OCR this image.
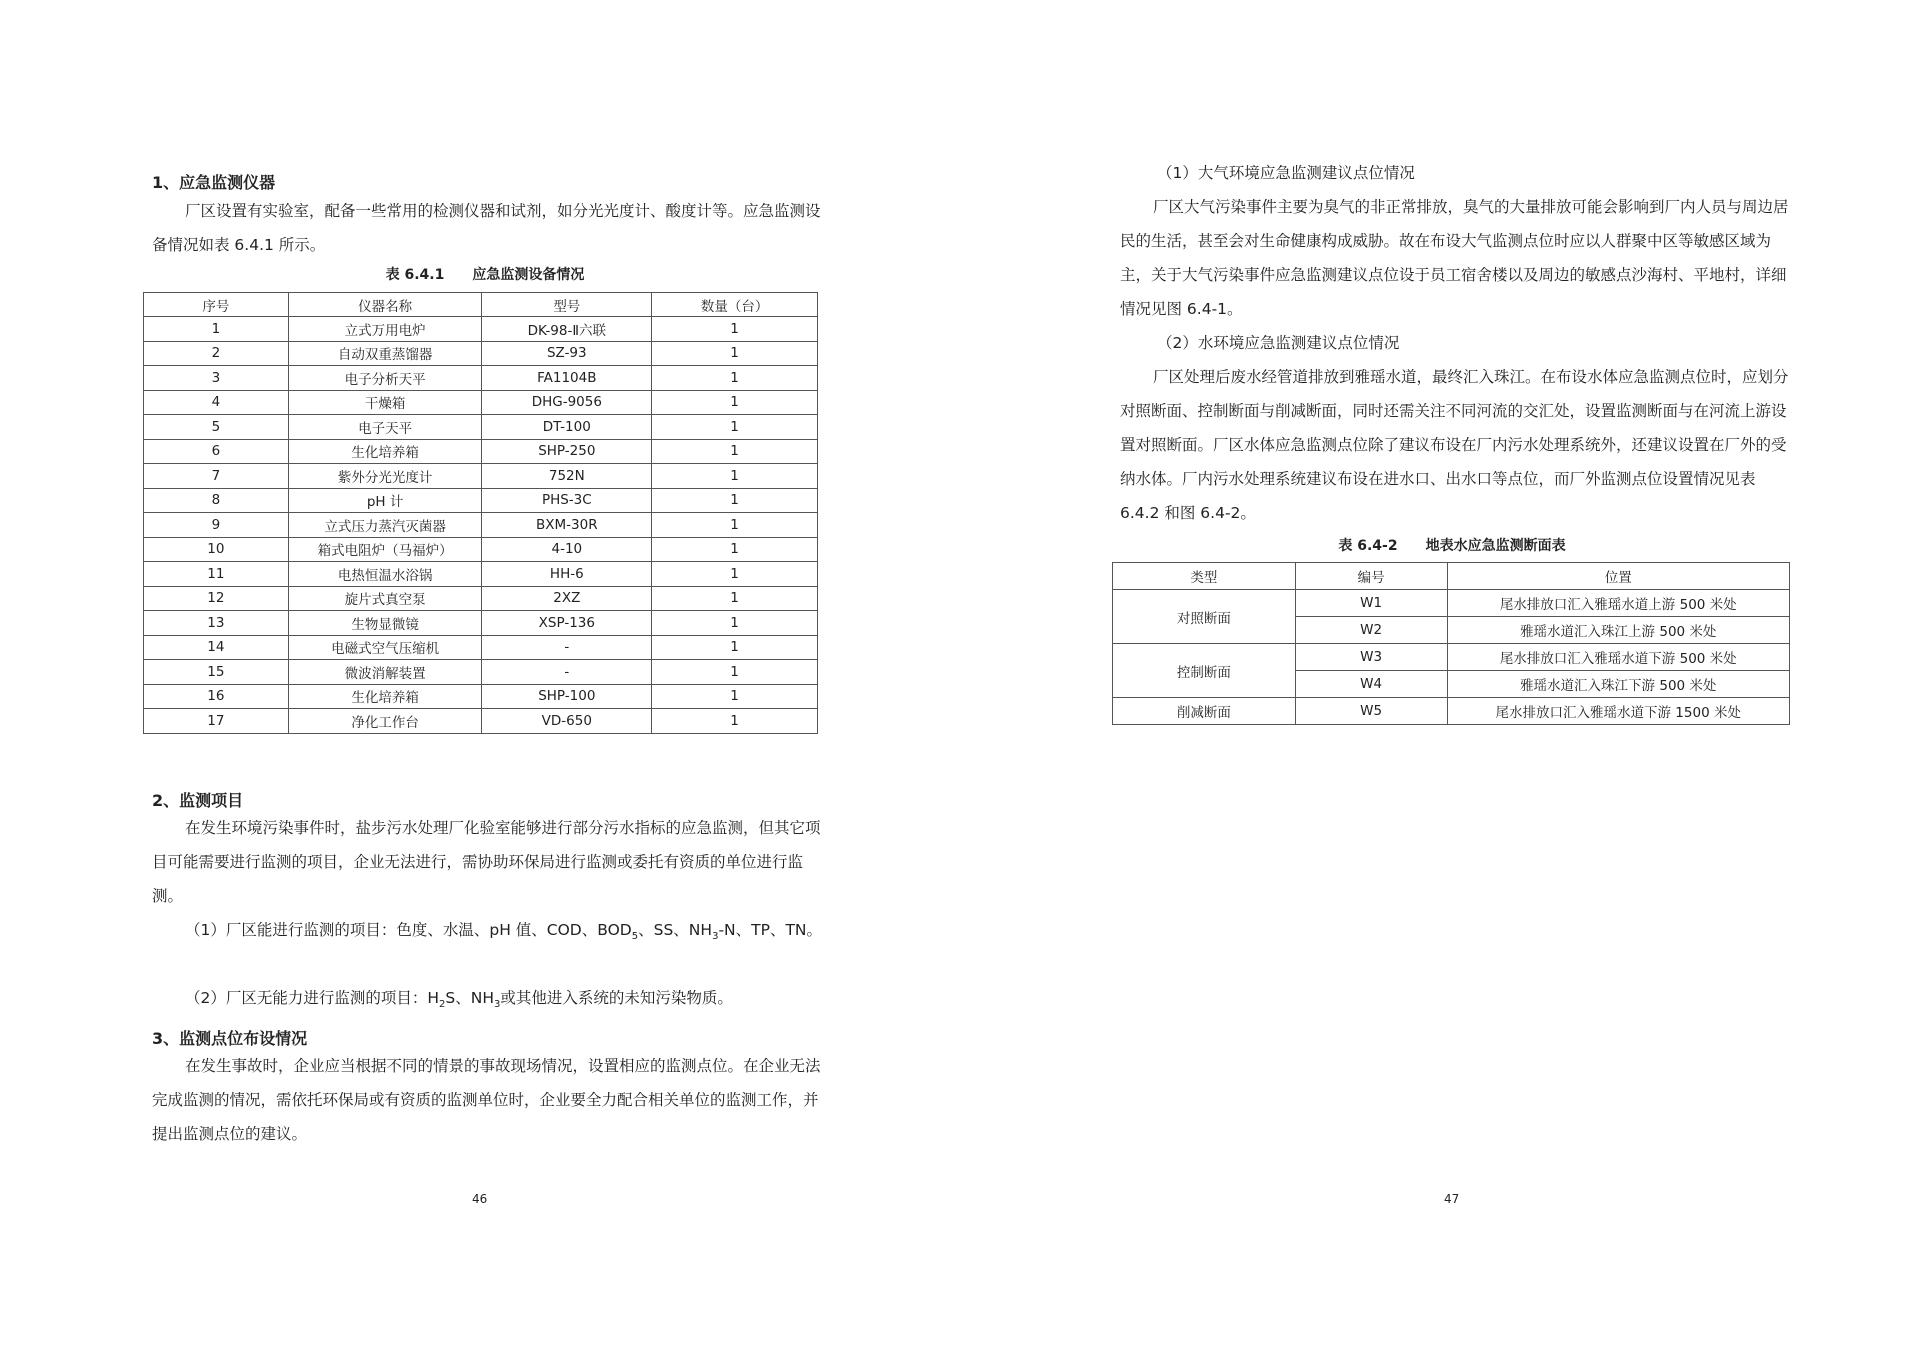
1、应急监测仪器

厂区设置有实验室，配备一些常用的检测仪器和试剂，如分光光度计、酸度计等。应急监测设备情况如表 6.4.1 所示。

表 6.4.1　　应急监测设备情况
序号	仪器名称	型号	数量（台）
1	立式万用电炉	DK-98-Ⅱ六联	1
2	自动双重蒸馏器	SZ-93	1
3	电子分析天平	FA1104B	1
4	干燥箱	DHG-9056	1
5	电子天平	DT-100	1
6	生化培养箱	SHP-250	1
7	紫外分光光度计	752N	1
8	pH 计	PHS-3C	1
9	立式压力蒸汽灭菌器	BXM-30R	1
10	箱式电阻炉（马福炉）	4-10	1
11	电热恒温水浴锅	HH-6	1
12	旋片式真空泵	2XZ	1
13	生物显微镜	XSP-136	1
14	电磁式空气压缩机	-	1
15	微波消解装置	-	1
16	生化培养箱	SHP-100	1
17	净化工作台	VD-650	1
2、监测项目

在发生环境污染事件时，盐步污水处理厂化验室能够进行部分污水指标的应急监测，但其它项目可能需要进行监测的项目，企业无法进行，需协助环保局进行监测或委托有资质的单位进行监测。

（1）厂区能进行监测的项目：色度、水温、pH 值、COD、$BOD_5$、SS、$NH_3-N$、TP、TN。

（2）厂区无能力进行监测的项目：$H_2S$、$NH_3$或其他进入系统的未知污染物质。

3、监测点位布设情况

在发生事故时，企业应当根据不同的情景的事故现场情况，设置相应的监测点位。在企业无法完成监测的情况，需依托环保局或有资质的监测单位时，企业要全力配合相关单位的监测工作，并提出监测点位的建议。

46

（1）大气环境应急监测建议点位情况

厂区大气污染事件主要为臭气的非正常排放，臭气的大量排放可能会影响到厂内人员与周边居民的生活，甚至会对生命健康构成威胁。故在布设大气监测点位时应以人群聚中区等敏感区域为主，关于大气污染事件应急监测建议点位设于员工宿舍楼以及周边的敏感点沙海村、平地村，详细情况见图 6.4-1。

（2）水环境应急监测建议点位情况

厂区处理后废水经管道排放到雅瑶水道，最终汇入珠江。在布设水体应急监测点位时，应划分对照断面、控制断面与削减断面，同时还需关注不同河流的交汇处，设置监测断面与在河流上游设置对照断面。厂区水体应急监测点位除了建议布设在厂内污水处理系统外，还建议设置在厂外的受纳水体。厂内污水处理系统建议布设在进水口、出水口等点位，而厂外监测点位设置情况见表 6.4.2 和图 6.4-2。

表 6.4-2　　地表水应急监测断面表
类型	编号	位置
对照断面	W1	尾水排放口汇入雅瑶水道上游 500 米处
	W2	雅瑶水道汇入珠江上游 500 米处
控制断面	W3	尾水排放口汇入雅瑶水道下游 500 米处
	W4	雅瑶水道汇入珠江下游 500 米处
削减断面	W5	尾水排放口汇入雅瑶水道下游 1500 米处
47
